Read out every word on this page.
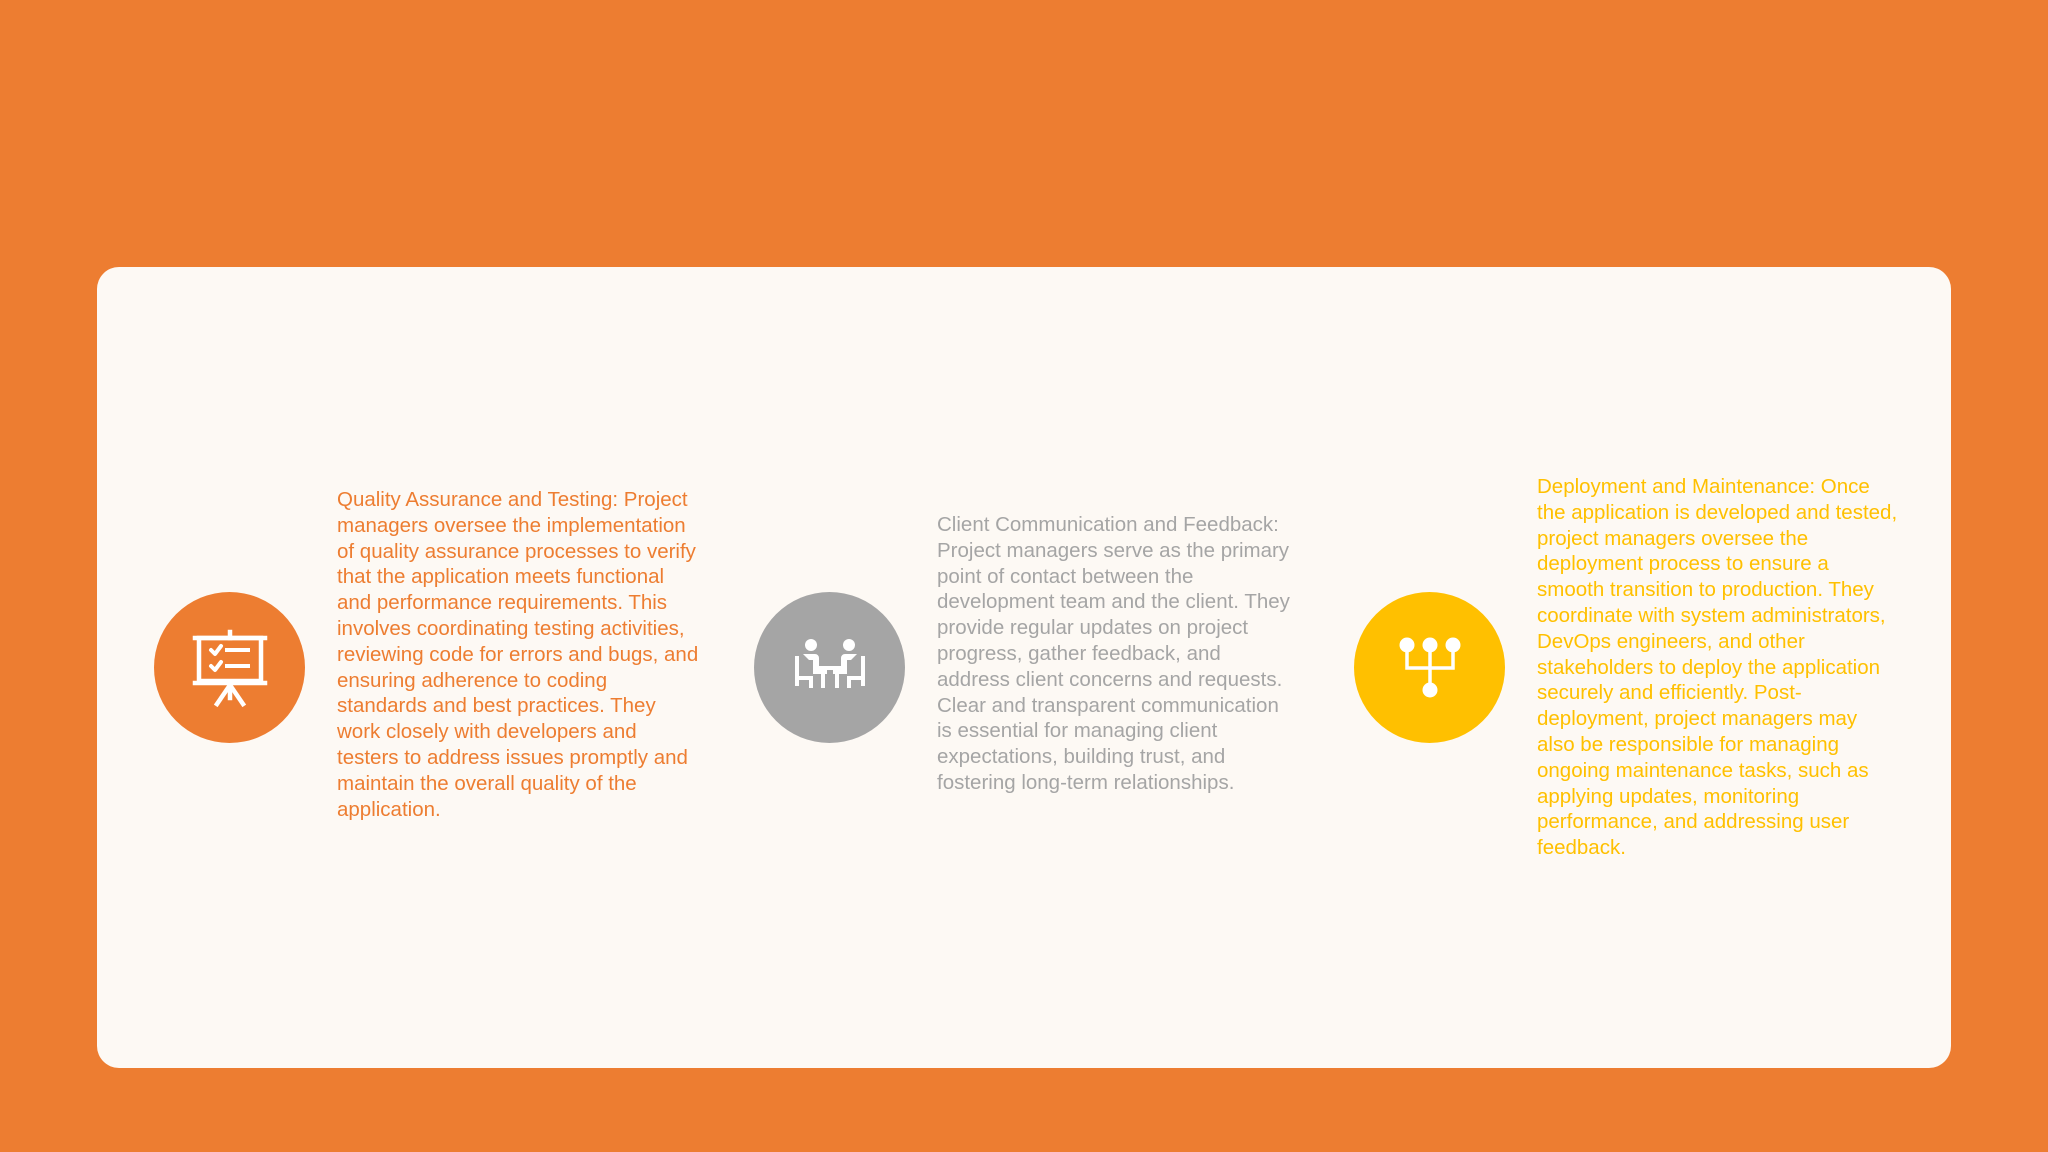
Quality Assurance and Testing: Project managers oversee the implementation of quality assurance processes to verify that the application meets functional and performance requirements. This involves coordinating testing activities, reviewing code for errors and bugs, and ensuring adherence to coding standards and best practices. They work closely with developers and testers to address issues promptly and maintain the overall quality of the application.

Client Communication and Feedback: Project managers serve as the primary point of contact between the development team and the client. They provide regular updates on project progress, gather feedback, and address client concerns and requests. Clear and transparent communication is essential for managing client expectations, building trust, and fostering long-term relationships.

Deployment and Maintenance: Once the application is developed and tested, project managers oversee the deployment process to ensure a smooth transition to production. They coordinate with system administrators, DevOps engineers, and other stakeholders to deploy the application securely and efficiently. Post-deployment, project managers may also be responsible for managing ongoing maintenance tasks, such as applying updates, monitoring performance, and addressing user feedback.
